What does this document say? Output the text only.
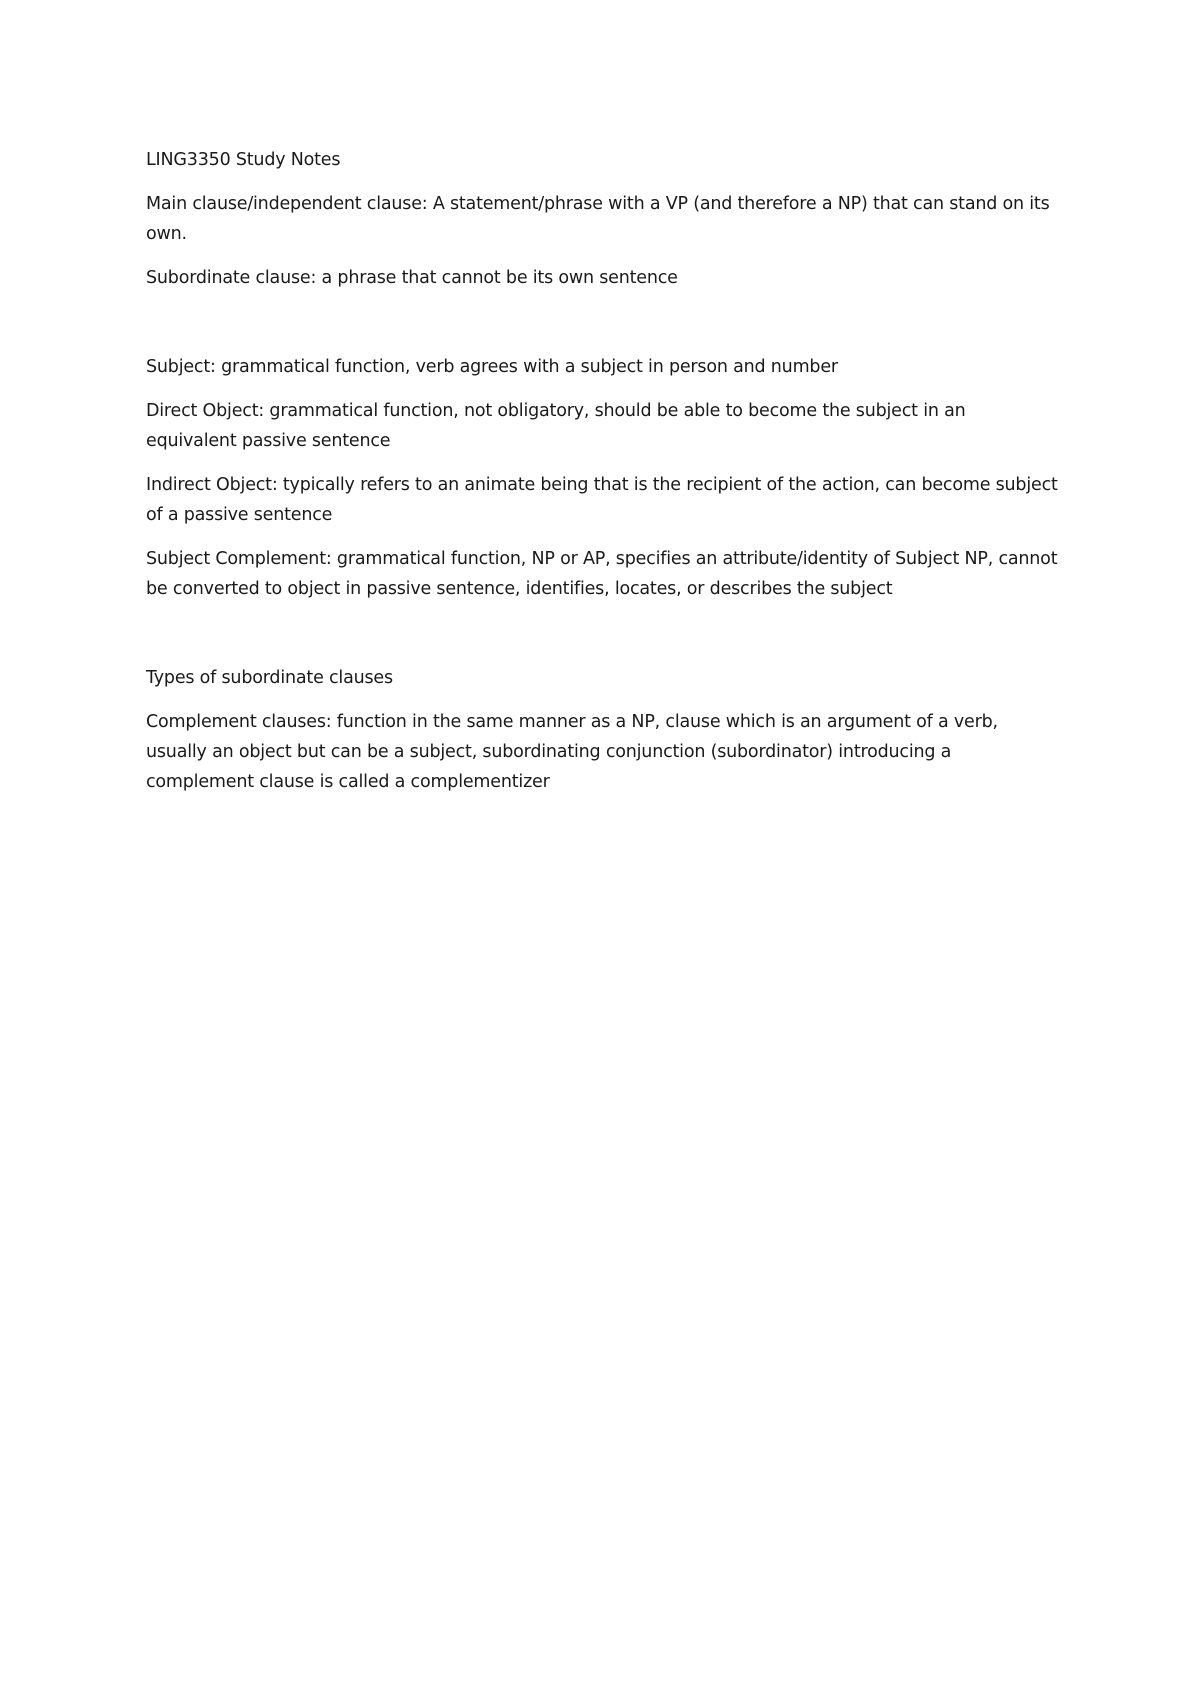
LING3350 Study Notes

Main clause/independent clause: A statement/phrase with a VP (and therefore a NP) that can stand on its own.

Subordinate clause: a phrase that cannot be its own sentence

Subject: grammatical function, verb agrees with a subject in person and number

Direct Object: grammatical function, not obligatory, should be able to become the subject in an equivalent passive sentence

Indirect Object: typically refers to an animate being that is the recipient of the action, can become subject of a passive sentence

Subject Complement: grammatical function, NP or AP, specifies an attribute/identity of Subject NP, cannot be converted to object in passive sentence, identifies, locates, or describes the subject

Types of subordinate clauses

Complement clauses: function in the same manner as a NP, clause which is an argument of a verb, usually an object but can be a subject, subordinating conjunction (subordinator) introducing a complement clause is called a complementizer
